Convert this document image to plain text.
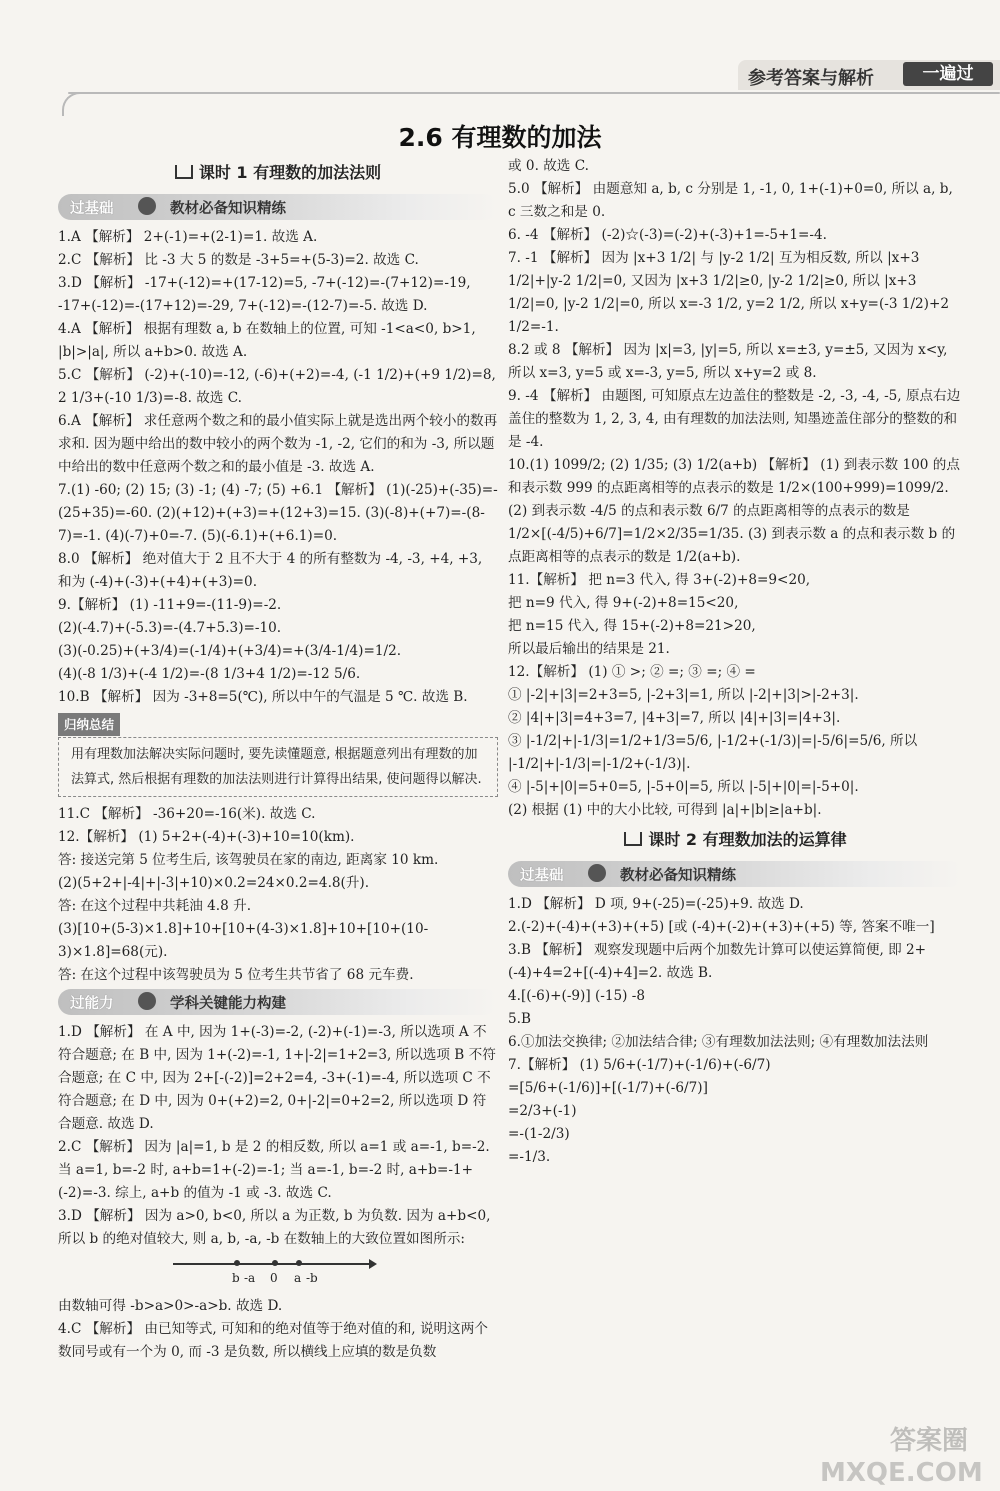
参考答案与解析	一遍过
2.6 有理数的加法
课时 1 有理数的加法法则
过基础	教材必备知识精练
1.A 【解析】 2+(-1)=+(2-1)=1. 故选 A.
2.C 【解析】 比 -3 大 5 的数是 -3+5=+(5-3)=2. 故选 C.
3.D 【解析】 -17+(-12)=+(17-12)=5, -7+(-12)=-(7+12)=-19, -17+(-12)=-(17+12)=-29, 7+(-12)=-(12-7)=-5. 故选 D.
4.A 【解析】 根据有理数 a, b 在数轴上的位置, 可知 -1<a<0, b>1, |b|>|a|, 所以 a+b>0. 故选 A.
5.C 【解析】 (-2)+(-10)=-12, (-6)+(+2)=-4, (-1 1/2)+(+9 1/2)=8, 2 1/3+(-10 1/3)=-8. 故选 C.
6.A 【解析】 求任意两个数之和的最小值实际上就是选出两个较小的数再求和. 因为题中给出的数中较小的两个数为 -1, -2, 它们的和为 -3, 所以题中给出的数中任意两个数之和的最小值是 -3. 故选 A.
7.(1) -60; (2) 15; (3) -1; (4) -7; (5) +6.1 【解析】 (1)(-25)+(-35)=-(25+35)=-60. (2)(+12)+(+3)=+(12+3)=15. (3)(-8)+(+7)=-(8-7)=-1. (4)(-7)+0=-7. (5)(-6.1)+(+6.1)=0.
8.0 【解析】 绝对值大于 2 且不大于 4 的所有整数为 -4, -3, +4, +3, 和为 (-4)+(-3)+(+4)+(+3)=0.
9.【解析】 (1) -11+9=-(11-9)=-2.
(2)(-4.7)+(-5.3)=-(4.7+5.3)=-10.
(3)(-0.25)+(+3/4)=(-1/4)+(+3/4)=+(3/4-1/4)=1/2.
(4)(-8 1/3)+(-4 1/2)=-(8 1/3+4 1/2)=-12 5/6.
10.B 【解析】 因为 -3+8=5(℃), 所以中午的气温是 5 ℃. 故选 B.
归纳总结
用有理数加法解决实际问题时, 要先读懂题意, 根据题意列出有理数的加法算式, 然后根据有理数的加法法则进行计算得出结果, 使问题得以解决.
11.C 【解析】 -36+20=-16(米). 故选 C.
12.【解析】 (1) 5+2+(-4)+(-3)+10=10(km).
答: 接送完第 5 位考生后, 该驾驶员在家的南边, 距离家 10 km.
(2)(5+2+|-4|+|-3|+10)×0.2=24×0.2=4.8(升).
答: 在这个过程中共耗油 4.8 升.
(3)[10+(5-3)×1.8]+10+[10+(4-3)×1.8]+10+[10+(10-3)×1.8]=68(元).
答: 在这个过程中该驾驶员为 5 位考生共节省了 68 元车费.
过能力	学科关键能力构建
1.D 【解析】 在 A 中, 因为 1+(-3)=-2, (-2)+(-1)=-3, 所以选项 A 不符合题意; 在 B 中, 因为 1+(-2)=-1, 1+|-2|=1+2=3, 所以选项 B 不符合题意; 在 C 中, 因为 2+[-(-2)]=2+2=4, -3+(-1)=-4, 所以选项 C 不符合题意; 在 D 中, 因为 0+(+2)=2, 0+|-2|=0+2=2, 所以选项 D 符合题意. 故选 D.
2.C 【解析】 因为 |a|=1, b 是 2 的相反数, 所以 a=1 或 a=-1, b=-2. 当 a=1, b=-2 时, a+b=1+(-2)=-1; 当 a=-1, b=-2 时, a+b=-1+(-2)=-3. 综上, a+b 的值为 -1 或 -3. 故选 C.
3.D 【解析】 因为 a>0, b<0, 所以 a 为正数, b 为负数. 因为 a+b<0, 所以 b 的绝对值较大, 则 a, b, -a, -b 在数轴上的大致位置如图所示:
b -a 0 a -b
由数轴可得 -b>a>0>-a>b. 故选 D.
4.C 【解析】 由已知等式, 可知和的绝对值等于绝对值的和, 说明这两个数同号或有一个为 0, 而 -3 是负数, 所以横线上应填的数是负数
或 0. 故选 C.
5.0 【解析】 由题意知 a, b, c 分别是 1, -1, 0, 1+(-1)+0=0, 所以 a, b, c 三数之和是 0.
6. -4 【解析】 (-2)☆(-3)=(-2)+(-3)+1=-5+1=-4.
7. -1 【解析】 因为 |x+3 1/2| 与 |y-2 1/2| 互为相反数, 所以 |x+3 1/2|+|y-2 1/2|=0, 又因为 |x+3 1/2|≥0, |y-2 1/2|≥0, 所以 |x+3 1/2|=0, |y-2 1/2|=0, 所以 x=-3 1/2, y=2 1/2, 所以 x+y=(-3 1/2)+2 1/2=-1.
8.2 或 8 【解析】 因为 |x|=3, |y|=5, 所以 x=±3, y=±5, 又因为 x<y, 所以 x=3, y=5 或 x=-3, y=5, 所以 x+y=2 或 8.
9. -4 【解析】 由题图, 可知原点左边盖住的整数是 -2, -3, -4, -5, 原点右边盖住的整数为 1, 2, 3, 4, 由有理数的加法法则, 知墨迹盖住部分的整数的和是 -4.
10.(1) 1099/2; (2) 1/35; (3) 1/2(a+b) 【解析】 (1) 到表示数 100 的点和表示数 999 的点距离相等的点表示的数是 1/2×(100+999)=1099/2.
(2) 到表示数 -4/5 的点和表示数 6/7 的点距离相等的点表示的数是 1/2×[(-4/5)+6/7]=1/2×2/35=1/35. (3) 到表示数 a 的点和表示数 b 的点距离相等的点表示的数是 1/2(a+b).
11.【解析】 把 n=3 代入, 得 3+(-2)+8=9<20,
把 n=9 代入, 得 9+(-2)+8=15<20,
把 n=15 代入, 得 15+(-2)+8=21>20,
所以最后输出的结果是 21.
12.【解析】 (1) ① >; ② =; ③ =; ④ =
① |-2|+|3|=2+3=5, |-2+3|=1, 所以 |-2|+|3|>|-2+3|.
② |4|+|3|=4+3=7, |4+3|=7, 所以 |4|+|3|=|4+3|.
③ |-1/2|+|-1/3|=1/2+1/3=5/6, |-1/2+(-1/3)|=|-5/6|=5/6, 所以 |-1/2|+|-1/3|=|-1/2+(-1/3)|.
④ |-5|+|0|=5+0=5, |-5+0|=5, 所以 |-5|+|0|=|-5+0|.
(2) 根据 (1) 中的大小比较, 可得到 |a|+|b|≥|a+b|.
课时 2 有理数加法的运算律
过基础	教材必备知识精练
1.D 【解析】 D 项, 9+(-25)=(-25)+9. 故选 D.
2.(-2)+(-4)+(+3)+(+5) [或 (-4)+(-2)+(+3)+(+5) 等, 答案不唯一]
3.B 【解析】 观察发现题中后两个加数先计算可以使运算简便, 即 2+(-4)+4=2+[(-4)+4]=2. 故选 B.
4.[(-6)+(-9)] (-15) -8
5.B
6.①加法交换律; ②加法结合律; ③有理数加法法则; ④有理数加法法则
7.【解析】 (1) 5/6+(-1/7)+(-1/6)+(-6/7)
=[5/6+(-1/6)]+[(-1/7)+(-6/7)]
=2/3+(-1)
=-(1-2/3)
=-1/3.
答案圈
MXQE.COM
